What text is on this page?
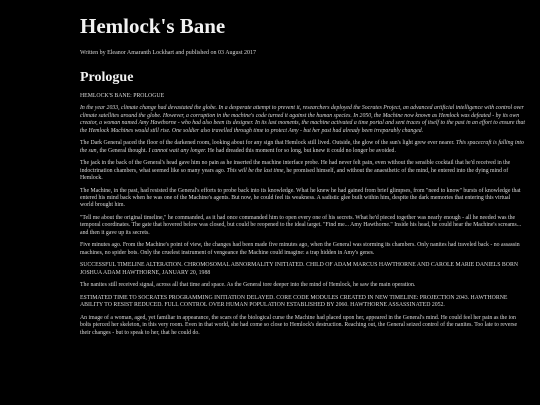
Hemlock's Bane
Written by Eleanor Amaranth Lockhart and published on 03 August 2017
Prologue

HEMLOCK'S BANE: PROLOGUE

In the year 2033, climate change had devastated the globe. In a desperate attempt to prevent it, researchers deployed the Socrates Project, an advanced artificial intelligence with control over climate satellites around the globe. However, a corruption in the machine's code turned it against the human species. In 2050, the Machine now known as Hemlock was defeated - by its own creator, a woman named Amy Hawthorne - who had also been its designer. In its last moments, the machine activated a time portal and sent traces of itself to the past in an effort to ensure that the Hemlock Machines would still rise. One soldier also travelled through time to protect Amy - but her past had already been irreparably changed.

The Dark General paced the floor of the darkened room, looking about for any sign that Hemlock still lived. Outside, the glow of the sun's light grew ever nearer. This spacecraft is falling into the sun, the General thought. I cannot wait any longer. He had dreaded this moment for so long, but knew it could no longer be avoided.

The jack in the back of the General's head gave him no pain as he inserted the machine interface probe. He had never felt pain, even without the sensible cocktail that he'd received in the indoctrination chambers, what seemed like so many years ago. This will be the last time, he promised himself, and without the anaesthetic of the mind, he entered into the dying mind of Hemlock.

The Machine, in the past, had resisted the General's efforts to probe back into its knowledge. What he knew he had gained from brief glimpses, from "need to know" bursts of knowledge that entered his mind back when he was one of the Machine's agents. But now, he could feel its weakness. A sadistic glee built within him, despite the dark memories that entering this virtual world brought him.

"Tell me about the original timeline," he commanded, as it had once commanded him to open every one of his secrets. What he'd pieced together was nearly enough - all he needed was the temporal coordinates. The gate that hovered below was closed, but could be reopened to the ideal target. "Find me... Amy Hawthorne." Inside his head, he could hear the Machine's screams... and then it gave up its secrets.

Five minutes ago. From the Machine's point of view, the changes had been made five minutes ago, when the General was storming its chambers. Only nanites had traveled back - no assassin machines, no spider bots. Only the cruelest instrument of vengeance the Machine could imagine: a trap hidden in Amy's genes.

SUCCESSFUL TIMELINE ALTERATION. CHROMOSOMAL ABNORMALITY INITIATED. CHILD OF ADAM MARCUS HAWTHORNE AND CAROLE MARIE DANIELS BORN JOSHUA ADAM HAWTHORNE, JANUARY 20, 1988

The nanites still received signal, across all that time and space. As the General tore deeper into the mind of Hemlock, he saw the main operation.

ESTIMATED TIME TO SOCRATES PROGRAMMING INITIATION DELAYED. CORE CODE MODULES CREATED IN NEW TIMELINE: PROJECTION 2043. HAWTHORNE ABILITY TO RESIST REDUCED. FULL CONTROL OVER HUMAN POPULATION ESTABLISHED BY 2060. HAWTHORNE ASSASSINATED 2052.

An image of a woman, aged, yet familiar in appearance, the scars of the biological curse the Machine had placed upon her, appeared in the General's mind. He could feel her pain as the ion bolts pierced her skeleton, in this very room. Even in that world, she had come so close to Hemlock's destruction. Reaching out, the General seized control of the nanites. Too late to reverse their changes - but to speak to her, that he could do.
